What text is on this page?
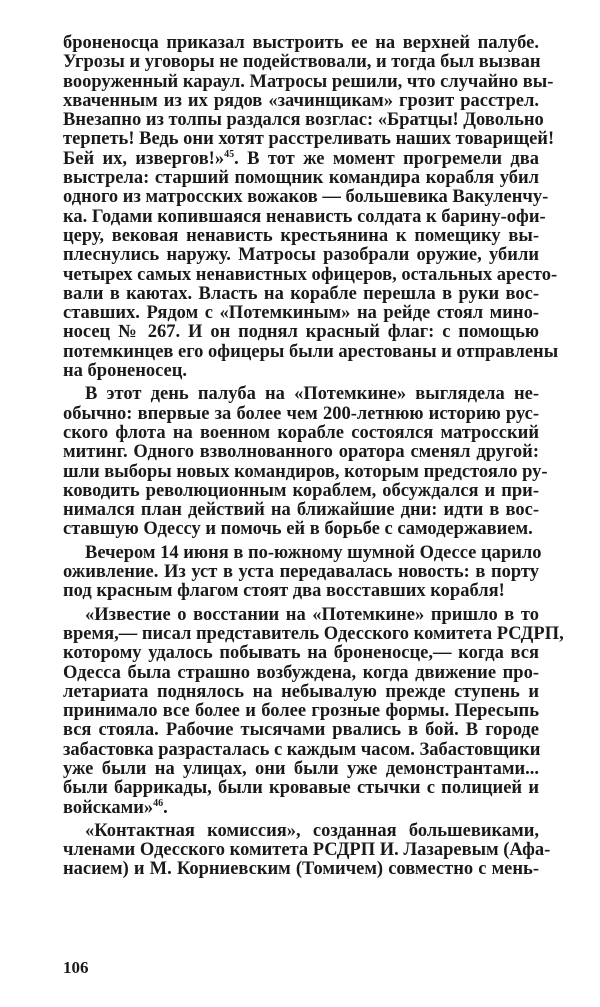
броненосца приказал выстроить ее на верхней палубе.
Угрозы и уговоры не подействовали, и тогда был вызван
вооруженный караул. Матросы решили, что случайно вы-
хваченным из их рядов «зачинщикам» грозит расстрел.
Внезапно из толпы раздался возглас: «Братцы! Довольно
терпеть! Ведь они хотят расстреливать наших товарищей!
Бей их, извергов!»$^{45}$. В тот же момент прогремели два
выстрела: старший помощник командира корабля убил
одного из матросских вожаков — большевика Вакуленчу-
ка. Годами копившаяся ненависть солдата к барину-офи-
церу, вековая ненависть крестьянина к помещику вы-
плеснулись наружу. Матросы разобрали оружие, убили
четырех самых ненавистных офицеров, остальных аресто-
вали в каютах. Власть на корабле перешла в руки вос-
ставших. Рядом с «Потемкиным» на рейде стоял мино-
носец № 267. И он поднял красный флаг: с помощью
потемкинцев его офицеры были арестованы и отправлены
на броненосец.
В этот день палуба на «Потемкине» выглядела не-
обычно: впервые за более чем 200-летнюю историю рус-
ского флота на военном корабле состоялся матросский
митинг. Одного взволнованного оратора сменял другой:
шли выборы новых командиров, которым предстояло ру-
ководить революционным кораблем, обсуждался и при-
нимался план действий на ближайшие дни: идти в вос-
ставшую Одессу и помочь ей в борьбе с самодержавием.
Вечером 14 июня в по-южному шумной Одессе царило
оживление. Из уст в уста передавалась новость: в порту
под красным флагом стоят два восставших корабля!
«Известие о восстании на «Потемкине» пришло в то
время,— писал представитель Одесского комитета РСДРП,
которому удалось побывать на броненосце,— когда вся
Одесса была страшно возбуждена, когда движение про-
летариата поднялось на небывалую прежде ступень и
принимало все более и более грозные формы. Пересыпь
вся стояла. Рабочие тысячами рвались в бой. В городе
забастовка разрасталась с каждым часом. Забастовщики
уже были на улицах, они были уже демонстрантами...
были баррикады, были кровавые стычки с полицией и
войсками»$^{46}$.
«Контактная комиссия», созданная большевиками,
членами Одесского комитета РСДРП И. Лазаревым (Афа-
насием) и М. Корниевским (Томичем) совместно с мень-
106
